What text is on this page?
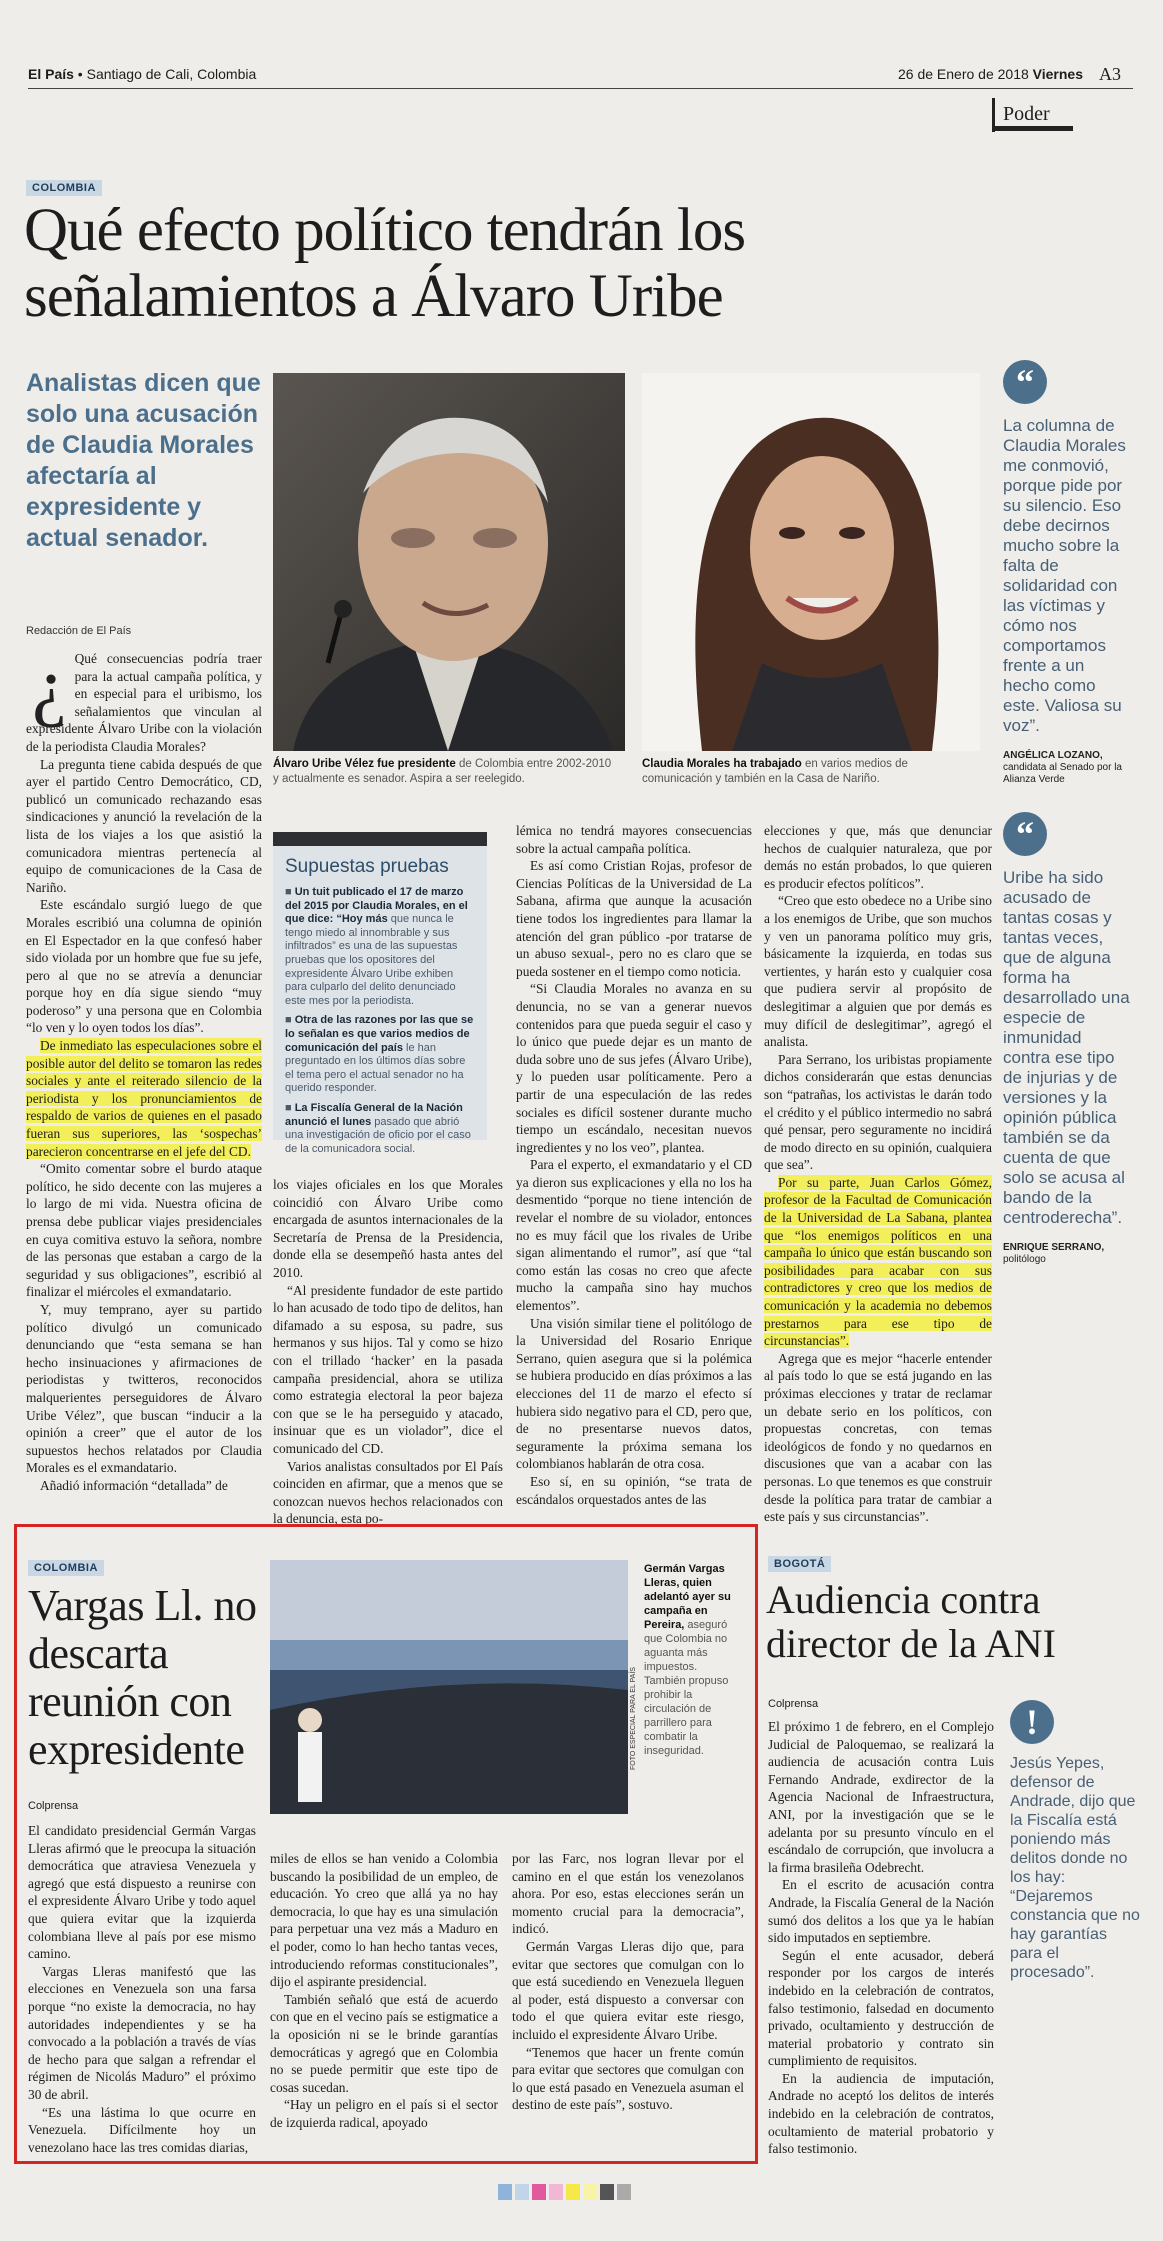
El País • Santiago de Cali, Colombia	26 de Enero de 2018 Viernes A3
Poder
COLOMBIA
Qué efecto político tendrán los señalamientos a Álvaro Uribe
Analistas dicen que solo una acusación de Claudia Morales afectaría al expresidente y actual senador.
Redacción de El País
Álvaro Uribe Vélez fue presidente de Colombia entre 2002-2010 y actualmente es senador. Aspira a ser reelegido.
Claudia Morales ha trabajado en varios medios de comunicación y también en la Casa de Nariño.
¿ Qué consecuencias podría traer para la actual campaña política, y en especial para el uribismo, los señalamientos que vinculan al expresidente Álvaro Uribe con la violación de la periodista Claudia Morales?

La pregunta tiene cabida después de que ayer el partido Centro Democrático, CD, publicó un comunicado rechazando esas sindicaciones y anunció la revelación de la lista de los viajes a los que asistió la comunicadora mientras pertenecía al equipo de comunicaciones de la Casa de Nariño.

Este escándalo surgió luego de que Morales escribió una columna de opinión en El Espectador en la que confesó haber sido violada por un hombre que fue su jefe, pero al que no se atrevía a denunciar porque hoy en día sigue siendo “muy poderoso” y una persona que en Colombia “lo ven y lo oyen todos los días”.

De inmediato las especulaciones sobre el posible autor del delito se tomaron las redes sociales y ante el reiterado silencio de la periodista y los pronunciamientos de respaldo de varios de quienes en el pasado fueran sus superiores, las ‘sospechas’ parecieron concentrarse en el jefe del CD.

“Omito comentar sobre el burdo ataque político, he sido decente con las mujeres a lo largo de mi vida. Nuestra oficina de prensa debe publicar viajes presidenciales en cuya comitiva estuvo la señora, nombre de las personas que estaban a cargo de la seguridad y sus obligaciones”, escribió al finalizar el miércoles el exmandatario.

Y, muy temprano, ayer su partido político divulgó un comunicado denunciando que “esta semana se han hecho insinuaciones y afirmaciones de periodistas y twitteros, reconocidos malquerientes perseguidores de Álvaro Uribe Vélez”, que buscan “inducir a la opinión a creer” que el autor de los supuestos hechos relatados por Claudia Morales es el exmandatario.

Añadió información “detallada” de

Supuestas pruebas
■ Un tuit publicado el 17 de marzo del 2015 por Claudia Morales, en el que dice: “Hoy más que nunca le tengo miedo al innombrable y sus infiltrados” es una de las supuestas pruebas que los opositores del expresidente Álvaro Uribe exhiben para culparlo del delito denunciado este mes por la periodista.
■ Otra de las razones por las que se lo señalan es que varios medios de comunicación del país le han preguntado en los últimos días sobre el tema pero el actual senador no ha querido responder.
■ La Fiscalía General de la Nación anunció el lunes pasado que abrió una investigación de oficio por el caso de la comunicadora social.

los viajes oficiales en los que Morales coincidió con Álvaro Uribe como encargada de asuntos internacionales de la Secretaría de Prensa de la Presidencia, donde ella se desempeñó hasta antes del 2010.

“Al presidente fundador de este partido lo han acusado de todo tipo de delitos, han difamado a su esposa, su padre, sus hermanos y sus hijos. Tal y como se hizo con el trillado ‘hacker’ en la pasada campaña presidencial, ahora se utiliza como estrategia electoral la peor bajeza con que se le ha perseguido y atacado, insinuar que es un violador”, dice el comunicado del CD.

Varios analistas consultados por El País coinciden en afirmar, que a menos que se conozcan nuevos hechos relacionados con la denuncia, esta po-

lémica no tendrá mayores consecuencias sobre la actual campaña política.

Es así como Cristian Rojas, profesor de Ciencias Políticas de la Universidad de La Sabana, afirma que aunque la acusación tiene todos los ingredientes para llamar la atención del gran público -por tratarse de un abuso sexual-, pero no es claro que se pueda sostener en el tiempo como noticia.

“Si Claudia Morales no avanza en su denuncia, no se van a generar nuevos contenidos para que pueda seguir el caso y lo único que puede dejar es un manto de duda sobre uno de sus jefes (Álvaro Uribe), y lo pueden usar políticamente. Pero a partir de una especulación de las redes sociales es difícil sostener durante mucho tiempo un escándalo, necesitan nuevos ingredientes y no los veo”, plantea.

Para el experto, el exmandatario y el CD ya dieron sus explicaciones y ella no los ha desmentido “porque no tiene intención de revelar el nombre de su violador, entonces no es muy fácil que los rivales de Uribe sigan alimentando el rumor”, así que “tal como están las cosas no creo que afecte mucho la campaña sino hay muchos elementos”.

Una visión similar tiene el politólogo de la Universidad del Rosario Enrique Serrano, quien asegura que si la polémica se hubiera producido en días próximos a las elecciones del 11 de marzo el efecto sí hubiera sido negativo para el CD, pero que, de no presentarse nuevos datos, seguramente la próxima semana los colombianos hablarán de otra cosa.

Eso sí, en su opinión, “se trata de escándalos orquestados antes de las

elecciones y que, más que denunciar hechos de cualquier naturaleza, que por demás no están probados, lo que quieren es producir efectos políticos”.

“Creo que esto obedece no a Uribe sino a los enemigos de Uribe, que son muchos y ven un panorama político muy gris, básicamente la izquierda, en todas sus vertientes, y harán esto y cualquier cosa que pudiera servir al propósito de deslegitimar a alguien que por demás es muy difícil de deslegitimar”, agregó el analista.

Para Serrano, los uribistas propiamente dichos considerarán que estas denuncias son “patrañas, los activistas le darán todo el crédito y el público intermedio no sabrá qué pensar, pero seguramente no incidirá de modo directo en su opinión, cualquiera que sea”.

Por su parte, Juan Carlos Gómez, profesor de la Facultad de Comunicación de la Universidad de La Sabana, plantea que “los enemigos políticos en una campaña lo único que están buscando son posibilidades para acabar con sus contradictores y creo que los medios de comunicación y la academia no debemos prestarnos para ese tipo de circunstancias”.

Agrega que es mejor “hacerle entender al país todo lo que se está jugando en las próximas elecciones y tratar de reclamar un debate serio en los políticos, con propuestas concretas, con temas ideológicos de fondo y no quedarnos en discusiones que van a acabar con las personas. Lo que tenemos es que construir desde la política para tratar de cambiar a este país y sus circunstancias”.

“
La columna de Claudia Morales me conmovió, porque pide por su silencio. Eso debe decirnos mucho sobre la falta de solidaridad con las víctimas y cómo nos comportamos frente a un hecho como este. Valiosa su voz”.
ANGÉLICA LOZANO,
candidata al Senado por la Alianza Verde
“
Uribe ha sido acusado de tantas cosas y tantas veces, que de alguna forma ha desarrollado una especie de inmunidad contra ese tipo de injurias y de versiones y la opinión pública también se da cuenta de que solo se acusa al bando de la centroderecha”.
ENRIQUE SERRANO,
politólogo
COLOMBIA
Vargas Ll. no descarta reunión con expresidente
Colprensa
FOTO ESPECIAL PARA EL PAÍS
Germán Vargas Lleras, quien adelantó ayer su campaña en Pereira, aseguró que Colombia no aguanta más impuestos. También propuso prohibir la circulación de parrillero para combatir la inseguridad.

El candidato presidencial Germán Vargas Lleras afirmó que le preocupa la situación democrática que atraviesa Venezuela y agregó que está dispuesto a reunirse con el expresidente Álvaro Uribe y todo aquel que quiera evitar que la izquierda colombiana lleve al país por ese mismo camino.

Vargas Lleras manifestó que las elecciones en Venezuela son una farsa porque “no existe la democracia, no hay autoridades independientes y se ha convocado a la población a través de vías de hecho para que salgan a refrendar el régimen de Nicolás Maduro” el próximo 30 de abril.

“Es una lástima lo que ocurre en Venezuela. Difícilmente hoy un venezolano hace las tres comidas diarias,

miles de ellos se han venido a Colombia buscando la posibilidad de un empleo, de educación. Yo creo que allá ya no hay democracia, lo que hay es una simulación para perpetuar una vez más a Maduro en el poder, como lo han hecho tantas veces, introduciendo reformas constitucionales”, dijo el aspirante presidencial.

También señaló que está de acuerdo con que en el vecino país se estigmatice a la oposición ni se le brinde garantías democráticas y agregó que en Colombia no se puede permitir que este tipo de cosas sucedan.

“Hay un peligro en el país si el sector de izquierda radical, apoyado

por las Farc, nos logran llevar por el camino en el que están los venezolanos ahora. Por eso, estas elecciones serán un momento crucial para la democracia”, indicó.

Germán Vargas Lleras dijo que, para evitar que sectores que comulgan con lo que está sucediendo en Venezuela lleguen al poder, está dispuesto a conversar con todo el que quiera evitar este riesgo, incluido el expresidente Álvaro Uribe.

“Tenemos que hacer un frente común para evitar que sectores que comulgan con lo que está pasado en Venezuela asuman el destino de este país”, sostuvo.

BOGOTÁ
Audiencia contra director de la ANI
Colprensa

El próximo 1 de febrero, en el Complejo Judicial de Paloquemao, se realizará la audiencia de acusación contra Luis Fernando Andrade, exdirector de la Agencia Nacional de Infraestructura, ANI, por la investigación que se le adelanta por su presunto vínculo en el escándalo de corrupción, que involucra a la firma brasileña Odebrecht.

En el escrito de acusación contra Andrade, la Fiscalía General de la Nación sumó dos delitos a los que ya le habían sido imputados en septiembre.

Según el ente acusador, deberá responder por los cargos de interés indebido en la celebración de contratos, falso testimonio, falsedad en documento privado, ocultamiento y destrucción de material probatorio y contrato sin cumplimiento de requisitos.

En la audiencia de imputación, Andrade no aceptó los delitos de interés indebido en la celebración de contratos, ocultamiento de material probatorio y falso testimonio.

!
Jesús Yepes, defensor de Andrade, dijo que la Fiscalía está poniendo más delitos donde no los hay: “Dejaremos constancia que no hay garantías para el procesado”.
